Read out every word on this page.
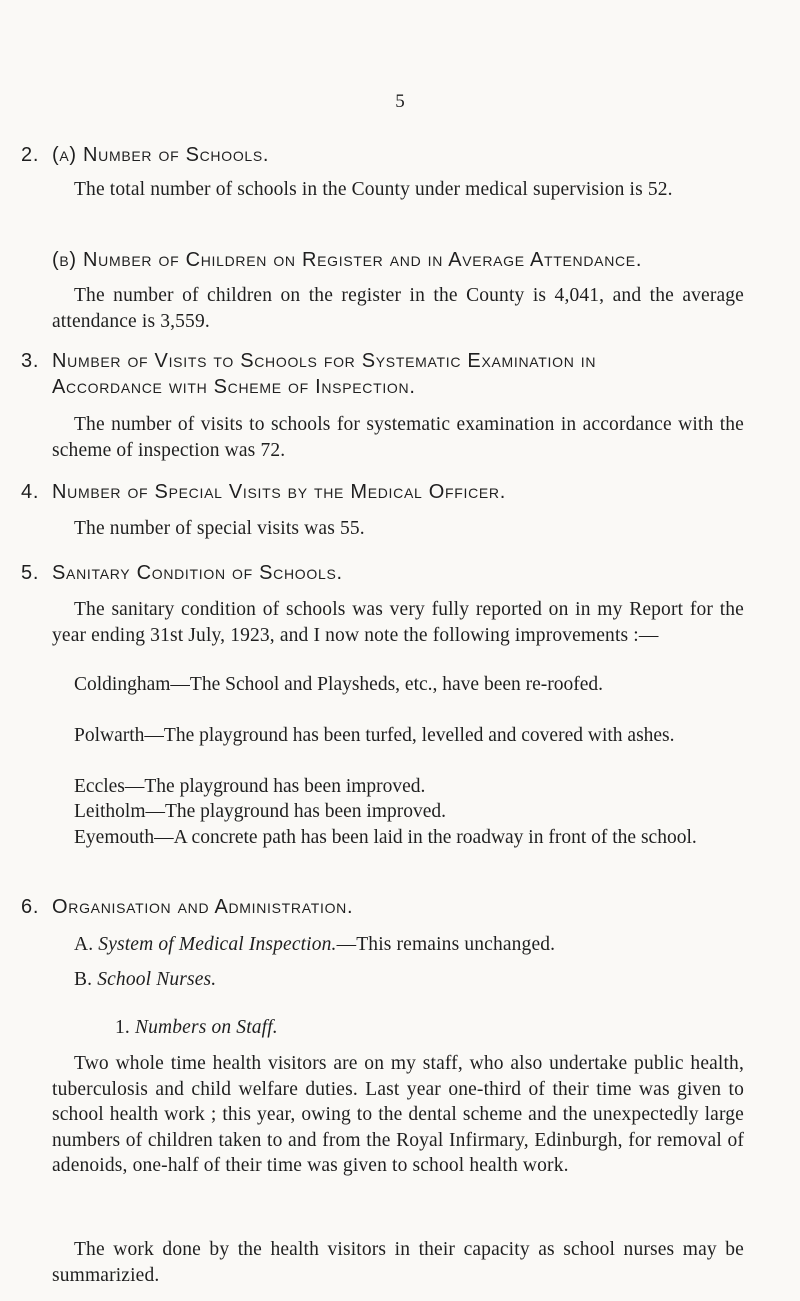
5
2. (a) Number of Schools.
The total number of schools in the County under medical supervision is 52.
(b) Number of Children on Register and in Average Attendance.
The number of children on the register in the County is 4,041, and the average attendance is 3,559.
3. Number of Visits to Schools for Systematic Examination in
Accordance with Scheme of Inspection.
The number of visits to schools for systematic examination in accordance with the scheme of inspection was 72.
4. Number of Special Visits by the Medical Officer.
The number of special visits was 55.
5. Sanitary Condition of Schools.
The sanitary condition of schools was very fully reported on in my Report for the year ending 31st July, 1923, and I now note the following improvements :—
Coldingham—The School and Playsheds, etc., have been re-roofed.
Polwarth—The playground has been turfed, levelled and covered with ashes.
Eccles—The playground has been improved.
Leitholm—The playground has been improved.
Eyemouth—A concrete path has been laid in the roadway in front of the school.
6. Organisation and Administration.
A. System of Medical Inspection.—This remains unchanged.
B. School Nurses.
1. Numbers on Staff.
Two whole time health visitors are on my staff, who also undertake public health, tuberculosis and child welfare duties. Last year one-third of their time was given to school health work ; this year, owing to the dental scheme and the unexpectedly large numbers of children taken to and from the Royal Infirmary, Edinburgh, for removal of adenoids, one-half of their time was given to school health work.
The work done by the health visitors in their capacity as school nurses may be summarizied.
